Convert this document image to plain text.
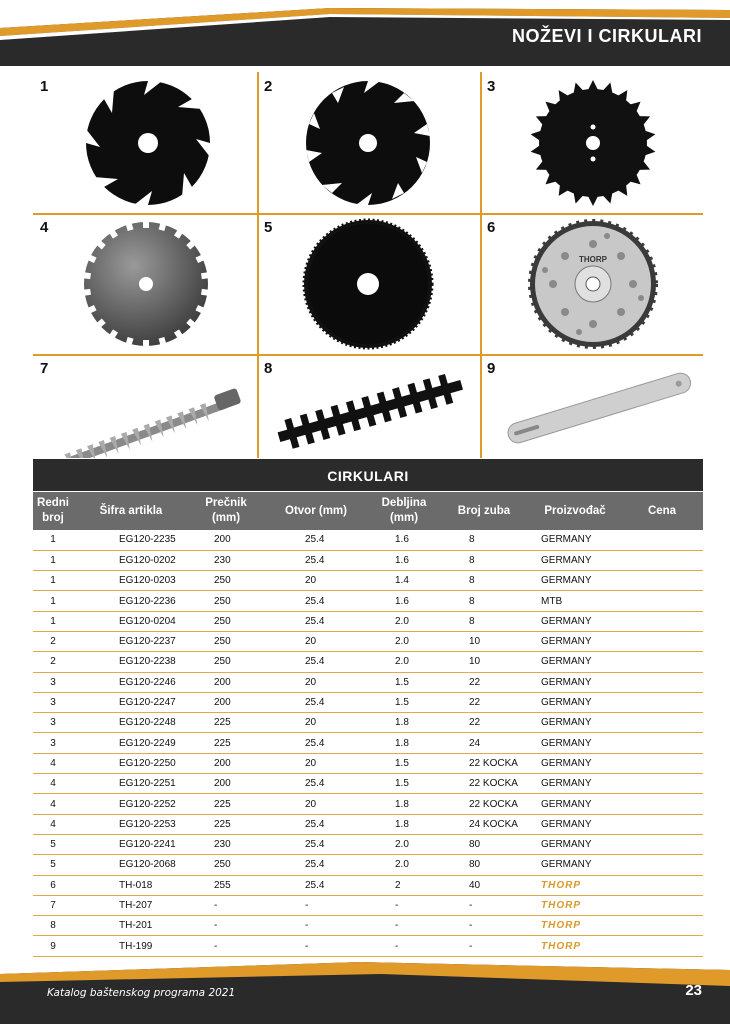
NOŽEVI I CIRKULARI
1	2	3
4	5	6
THORP
7	8	9
CIRKULARI
Redni broj	Šifra artikla	Prečnik (mm)	Otvor (mm)	Debljina (mm)	Broj zuba	Proizvođač	Cena
1	EG120-2235	200	25.4	1.6	8	GERMANY	
1	EG120-0202	230	25.4	1.6	8	GERMANY	
1	EG120-0203	250	20	1.4	8	GERMANY	
1	EG120-2236	250	25.4	1.6	8	MTB	
1	EG120-0204	250	25.4	2.0	8	GERMANY	
2	EG120-2237	250	20	2.0	10	GERMANY	
2	EG120-2238	250	25.4	2.0	10	GERMANY	
3	EG120-2246	200	20	1.5	22	GERMANY	
3	EG120-2247	200	25.4	1.5	22	GERMANY	
3	EG120-2248	225	20	1.8	22	GERMANY	
3	EG120-2249	225	25.4	1.8	24	GERMANY	
4	EG120-2250	200	20	1.5	22 KOCKA	GERMANY	
4	EG120-2251	200	25.4	1.5	22 KOCKA	GERMANY	
4	EG120-2252	225	20	1.8	22 KOCKA	GERMANY	
4	EG120-2253	225	25.4	1.8	24 KOCKA	GERMANY	
5	EG120-2241	230	25.4	2.0	80	GERMANY	
5	EG120-2068	250	25.4	2.0	80	GERMANY	
6	TH-018	255	25.4	2	40	THORP	
7	TH-207	-	-	-	-	THORP	
8	TH-201	-	-	-	-	THORP	
9	TH-199	-	-	-	-	THORP	
Katalog baštenskog programa 2021	23
